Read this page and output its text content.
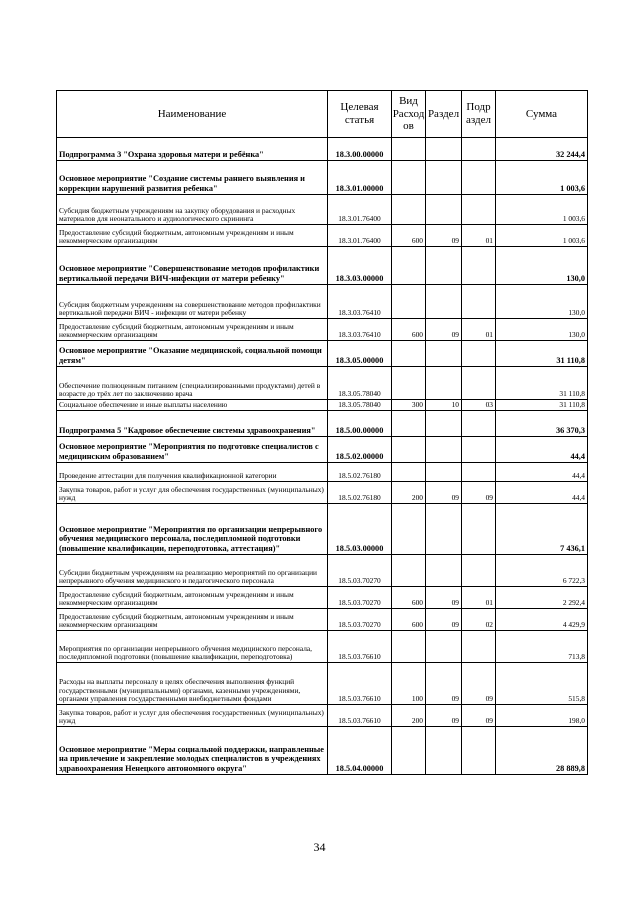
Наименование	Целевая статья	Вид Расход ов	Раздел	Подр аздел	Сумма
Подпрограмма 3 "Охрана здоровья матери и ребёнка"	18.3.00.00000				32 244,4
Основное мероприятие "Создание системы раннего выявления и коррекции нарушений развития ребенка"	18.3.01.00000				1 003,6
Субсидия бюджетным учреждениям на закупку оборудования и расходных материалов для неонатального и аудиологического скрининга	18.3.01.76400				1 003,6
Предоставление субсидий бюджетным, автономным учреждениям и иным некоммерческим организациям	18.3.01.76400	600	09	01	1 003,6
Основное мероприятие "Совершенствование методов профилактики вертикальной передачи ВИЧ-инфекции от матери ребенку"	18.3.03.00000				130,0
Субсидия бюджетным учреждениям на совершенствование методов профилактики вертикальной передачи ВИЧ - инфекции от матери ребенку	18.3.03.76410				130,0
Предоставление субсидий бюджетным, автономным учреждениям и иным некоммерческим организациям	18.3.03.76410	600	09	01	130,0
Основное мероприятие "Оказание медицинской, социальной помощи детям"	18.3.05.00000				31 110,8
Обеспечение полноценным питанием (специализированными продуктами) детей в возрасте до трёх лет по заключению врача	18.3.05.78040				31 110,8
Социальное обеспечение и иные выплаты населению	18.3.05.78040	300	10	03	31 110,8
Подпрограмма 5 "Кадровое обеспечение системы здравоохранения"	18.5.00.00000				36 370,3
Основное мероприятие "Мероприятия по подготовке специалистов с медицинским образованием"	18.5.02.00000				44,4
Проведение аттестации для получения квалификационной категории	18.5.02.76180				44,4
Закупка товаров, работ и услуг для обеспечения государственных (муниципальных) нужд	18.5.02.76180	200	09	09	44,4
Основное мероприятие "Мероприятия по организации непрерывного обучения медицинского персонала, последипломной подготовки (повышение квалификации, переподготовка, аттестация)"	18.5.03.00000				7 436,1
Субсидии бюджетным учреждениям на реализацию мероприятий по организации непрерывного обучения медицинского и педагогического персонала	18.5.03.70270				6 722,3
Предоставление субсидий бюджетным, автономным учреждениям и иным некоммерческим организациям	18.5.03.70270	600	09	01	2 292,4
Предоставление субсидий бюджетным, автономным учреждениям и иным некоммерческим организациям	18.5.03.70270	600	09	02	4 429,9
Мероприятия по организации непрерывного обучения медицинского персонала, последипломной подготовки (повышение квалификации, переподготовка)	18.5.03.76610				713,8
Расходы на выплаты персоналу в целях обеспечения выполнения функций государственными (муниципальными) органами, казенными учреждениями, органами управления государственными внебюджетными фондами	18.5.03.76610	100	09	09	515,8
Закупка товаров, работ и услуг для обеспечения государственных (муниципальных) нужд	18.5.03.76610	200	09	09	198,0
Основное мероприятие "Меры социальной поддержки, направленные на привлечение и закрепление молодых специалистов в учреждениях здравоохранения Ненецкого автономного округа"	18.5.04.00000				28 889,8
34
